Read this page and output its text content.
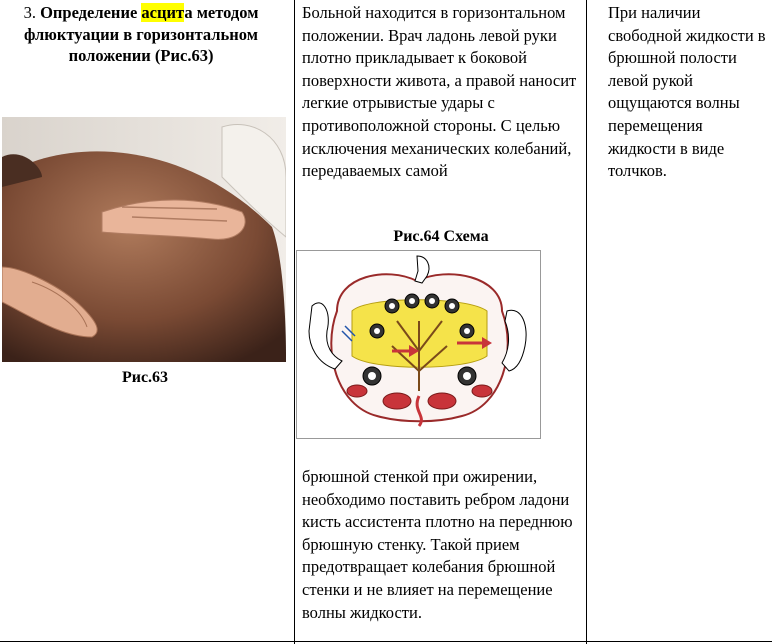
3. Определение асцита методом флюктуации в горизонтальном положении (Рис.63)
Рис.63
Больной находится в горизонтальном положении. Врач ладонь левой руки плотно прикладывает к боковой поверхности живота, а правой наносит легкие отрывистые удары с противоположной стороны. С целью исключения механических колебаний, передаваемых самой
Рис.64 Схема
брюшной стенкой при ожирении, необходимо поставить ребром ладони кисть ассистента плотно на переднюю брюшную стенку. Такой прием предотвращает колебания брюшной стенки и не влияет на перемещение волны жидкости.
При наличии свободной жидкости в брюшной полости левой рукой ощущаются волны перемещения жидкости в виде толчков.
